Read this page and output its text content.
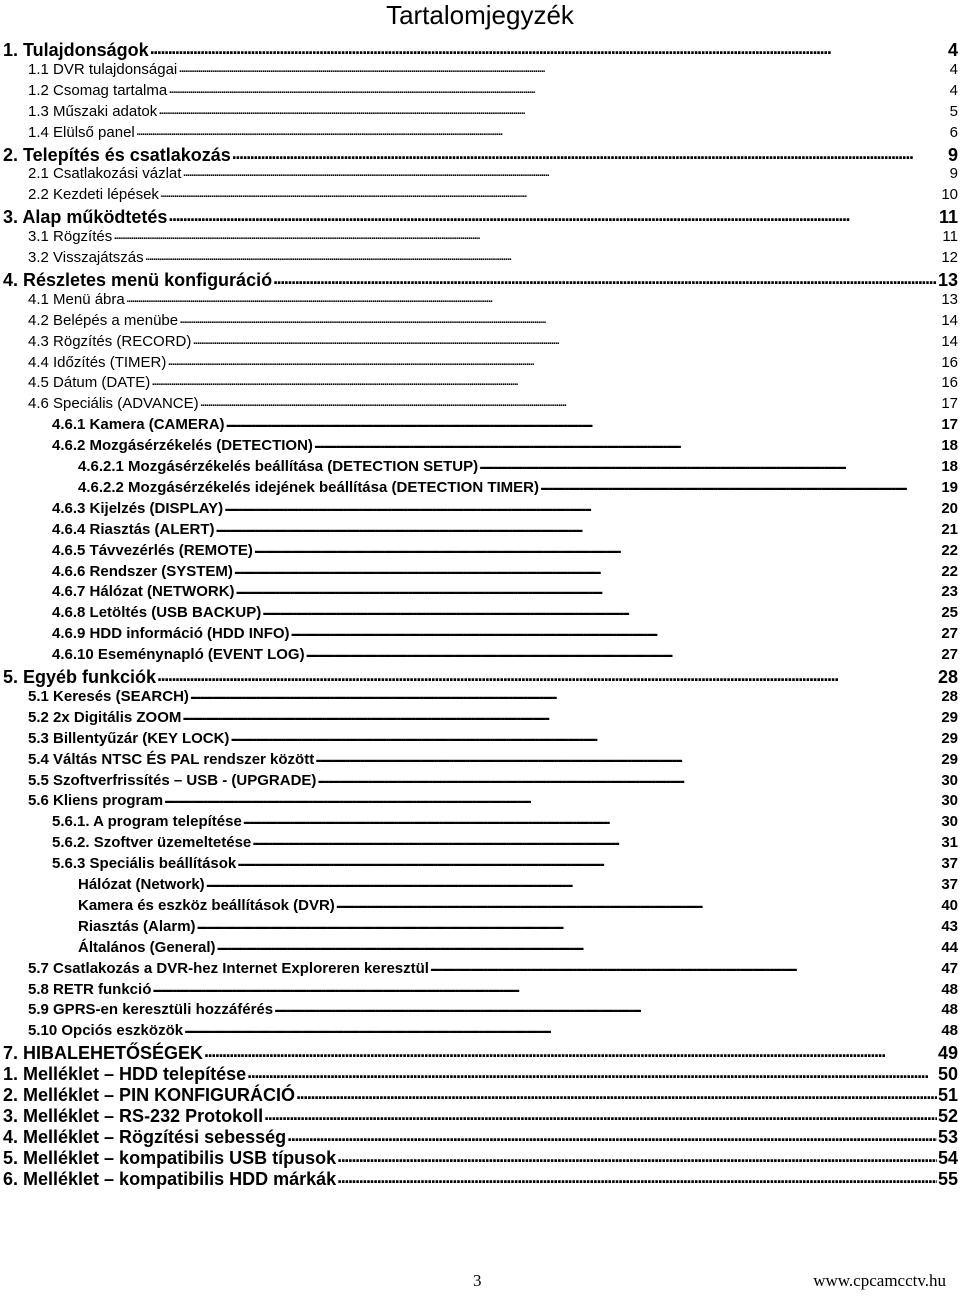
Tartalomjegyzék
1. Tulajdonságok . . .	4
1.1 DVR tulajdonságai . . .	4
1.2 Csomag tartalma . . .	4
1.3 Műszaki adatok . . .	5
1.4 Elülső panel . . .	6
2. Telepítés és csatlakozás . . .	9
2.1 Csatlakozási vázlat . . .	9
2.2 Kezdeti lépések . . .	10
3. Alap működtetés . . .	11
3.1 Rögzítés . . .	11
3.2 Visszajátszás . . .	12
4. Részletes menü konfiguráció . . .	13
4.1 Menü ábra . . .	13
4.2 Belépés a menübe . . .	14
4.3 Rögzítés (RECORD) . . .	14
4.4 Időzítés (TIMER) . . .	16
4.5 Dátum (DATE) . . .	16
4.6 Speciális (ADVANCE) . . .	17
4.6.1 Kamera (CAMERA) . . .	17
4.6.2 Mozgásérzékelés (DETECTION) . . .	18
4.6.2.1 Mozgásérzékelés beállítása (DETECTION SETUP) . . .	18
4.6.2.2 Mozgásérzékelés idejének beállítása (DETECTION TIMER) . . .	19
4.6.3 Kijelzés (DISPLAY) . . .	20
4.6.4 Riasztás (ALERT) . . .	21
4.6.5 Távvezérlés (REMOTE) . . .	22
4.6.6 Rendszer (SYSTEM) . . .	22
4.6.7 Hálózat (NETWORK) . . .	23
4.6.8 Letöltés (USB BACKUP) . . .	25
4.6.9 HDD információ (HDD INFO) . . .	27
4.6.10 Eseménynapló (EVENT LOG) . . .	27
5. Egyéb funkciók . . .	28
5.1 Keresés (SEARCH) . . .	28
5.2 2x Digitális ZOOM . . .	29
5.3 Billentyűzár (KEY LOCK) . . .	29
5.4 Váltás NTSC ÉS PAL rendszer között . . .	29
5.5 Szoftverfrissítés – USB - (UPGRADE) . . .	30
5.6 Kliens program . . .	30
5.6.1. A program telepítése . . .	30
5.6.2. Szoftver üzemeltetése . . .	31
5.6.3 Speciális beállítások . . .	37
Hálózat (Network) . . .	37
Kamera és eszköz beállítások (DVR) . . .	40
Riasztás (Alarm) . . .	43
Általános (General) . . .	44
5.7 Csatlakozás a DVR-hez Internet Exploreren keresztül . . .	47
5.8 RETR funkció . . .	48
5.9 GPRS-en keresztüli hozzáférés . . .	48
5.10 Opciós eszközök . . .	48
7. HIBALEHETŐSÉGEK . . .	49
1. Melléklet – HDD telepítése . . .	50
2. Melléklet – PIN KONFIGURÁCIÓ . . .	51
3. Melléklet – RS-232 Protokoll . . .	52
4. Melléklet – Rögzítési sebesség . . .	53
5. Melléklet – kompatibilis USB típusok . . .	54
6. Melléklet – kompatibilis HDD márkák . . .	55
3	www.cpcamcctv.hu
